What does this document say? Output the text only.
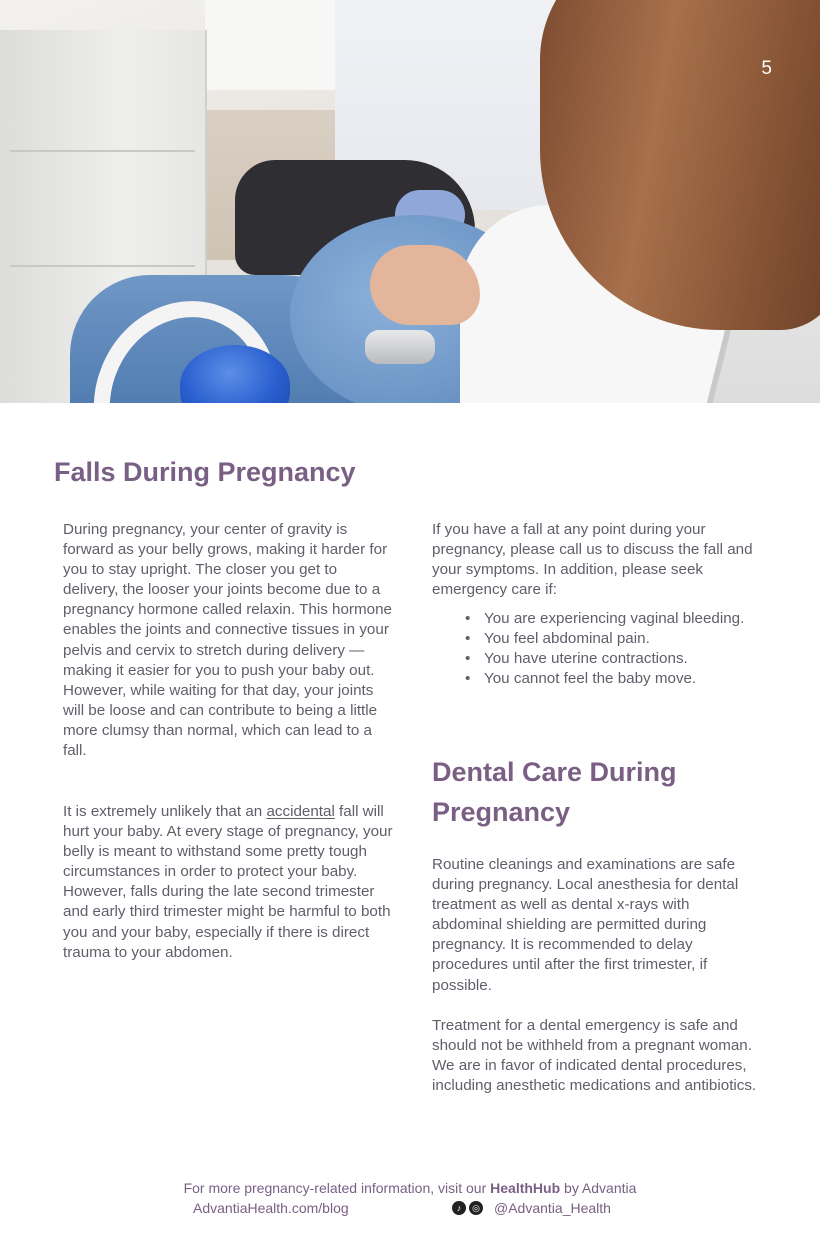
5
Falls During Pregnancy

During pregnancy, your center of gravity is forward as your belly grows, making it harder for you to stay upright. The closer you get to delivery, the looser your joints become due to a pregnancy hormone called relaxin. This hormone enables the joints and connective tissues in your pelvis and cervix to stretch during delivery — making it easier for you to push your baby out. However, while waiting for that day, your joints will be loose and can contribute to being a little more clumsy than normal, which can lead to a fall.

It is extremely unlikely that an accidental fall will hurt your baby. At every stage of pregnancy, your belly is meant to withstand some pretty tough circumstances in order to protect your baby. However, falls during the late second trimester and early third trimester might be harmful to both you and your baby, especially if there is direct trauma to your abdomen.

If you have a fall at any point during your pregnancy, please call us to discuss the fall and your symptoms. In addition, please seek emergency care if:

• You are experiencing vaginal bleeding.
• You feel abdominal pain.
• You have uterine contractions.
• You cannot feel the baby move.
Dental Care During Pregnancy

Routine cleanings and examinations are safe during pregnancy. Local anesthesia for dental treatment as well as dental x-rays with abdominal shielding are permitted during pregnancy. It is recommended to delay procedures until after the first trimester, if possible.

Treatment for a dental emergency is safe and should not be withheld from a pregnant woman. We are in favor of indicated dental procedures, including anesthetic medications and antibiotics.

For more pregnancy-related information, visit our HealthHub by Advantia
AdvantiaHealth.com/blog	♪	◎ @Advantia_Health
